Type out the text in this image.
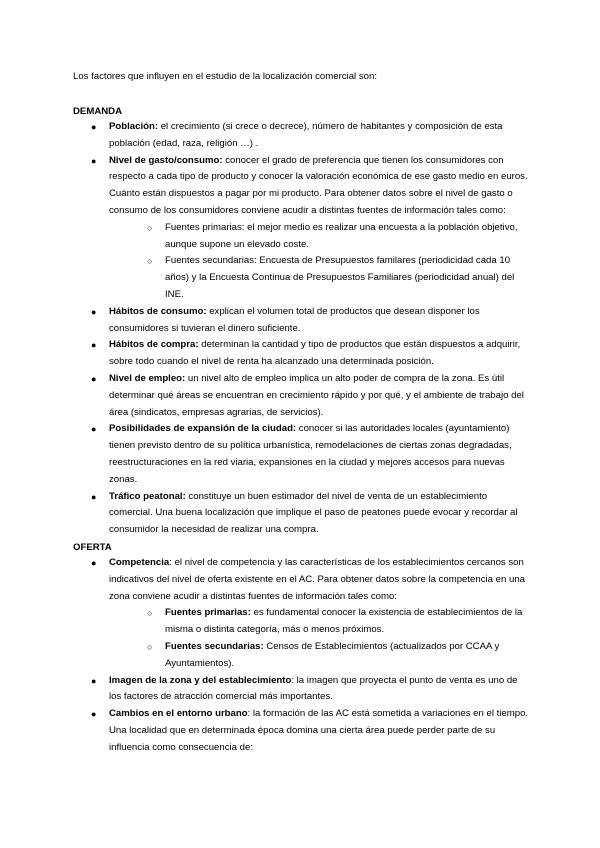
Los factores que influyen en el estudio de la localización comercial son:
DEMANDA
●	Población: el crecimiento (si crece o decrece), número de habitantes y composición de esta población (edad, raza, religión …) .
●	Nivel de gasto/consumo: conocer el grado de preferencia que tienen los consumidores con respecto a cada tipo de producto y conocer la valoración económica de ese gasto medio en euros. Cuánto están dispuestos a pagar por mi producto. Para obtener datos sobre el nivel de gasto o consumo de los consumidores conviene acudir a distintas fuentes de información tales como:
○	Fuentes primarias: el mejor medio es realizar una encuesta a la población objetivo, aunque supone un elevado coste.
○	Fuentes secundarias: Encuesta de Presupuestos familares (periodicidad cada 10 años) y la Encuesta Continua de Presupuestos Familiares (periodicidad anual) del INE.
●	Hábitos de consumo: explican el volumen total de productos que desean disponer los consumidores si tuvieran el dinero suficiente.
●	Hábitos de compra: determinan la cantidad y tipo de productos que están dispuestos a adquirir, sobre todo cuando el nivel de renta ha alcanzado una determinada posición.
●	Nivel de empleo: un nivel alto de empleo implica un alto poder de compra de la zona. Es útil determinar qué áreas se encuentran en crecimiento rápido y por qué, y el ambiente de trabajo del área (sindicatos, empresas agrarias, de servicios).
●	Posibilidades de expansión de la ciudad: conocer si las autoridades locales (ayuntamiento) tienen previsto dentro de su política urbanística, remodelaciones de ciertas zonas degradadas, reestructuraciones en la red viaria, expansiones en la ciudad y mejores accesos para nuevas zonas.
●	Tráfico peatonal: constituye un buen estimador del nivel de venta de un establecimiento comercial. Una buena localización que implique el paso de peatones puede evocar y recordar al consumidor la necesidad de realizar una compra.
OFERTA
●	Competencia: el nivel de competencia y las características de los establecimientos cercanos son indicativos del nivel de oferta existente en el AC. Para obtener datos sobre la competencia en una zona conviene acudir a distintas fuentes de información tales como:
○	Fuentes primarias: es fundamental conocer la existencia de establecimientos de la misma o distinta categoría, más o menos próximos.
○	Fuentes secundarias: Censos de Establecimientos (actualizados por CCAA y Ayuntamientos).
●	Imagen de la zona y del establecimiento: la imagen que proyecta el punto de venta es uno de los factores de atracción comercial más importantes.
●	Cambios en el entorno urbano: la formación de las AC está sometida a variaciones en el tiempo. Una localidad que en determinada época domina una cierta área puede perder parte de su influencia como consecuencia de:
